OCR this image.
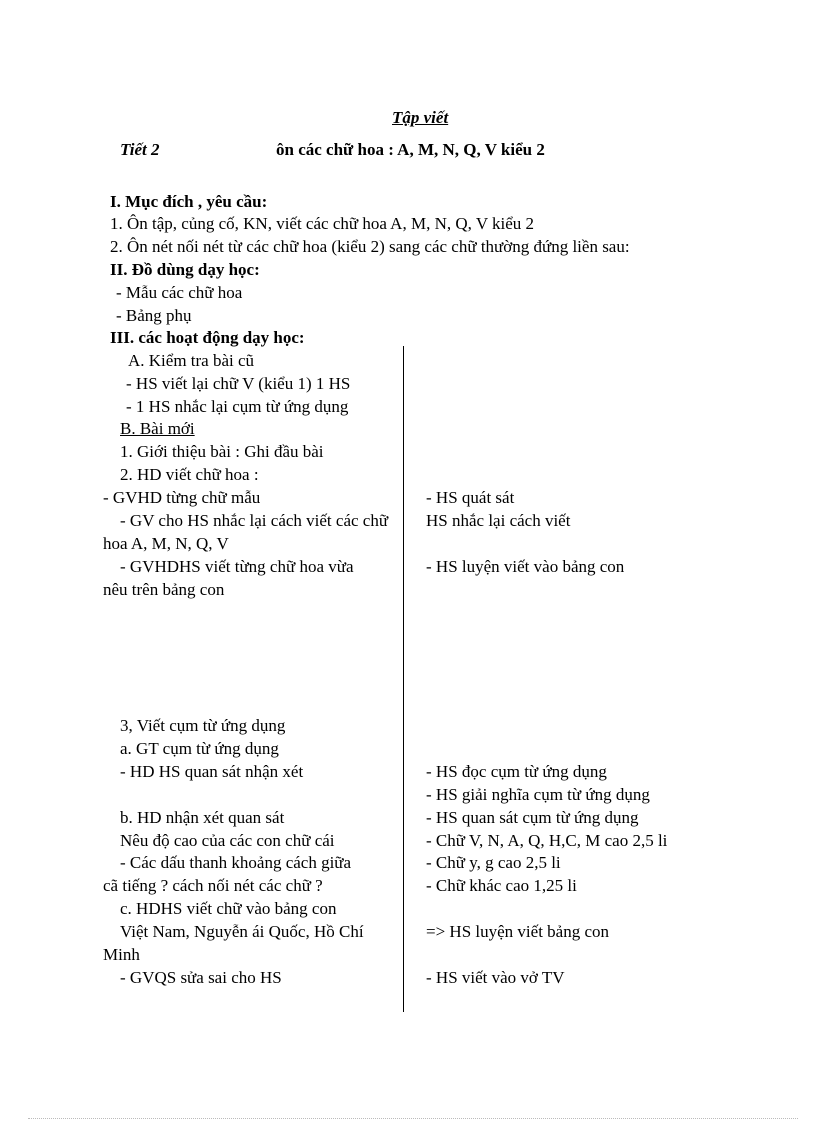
Tập viết
Tiết 2	ôn các chữ hoa : A, M, N, Q, V kiểu 2
I. Mục đích , yêu cầu:
1. Ôn tập, củng cố, KN, viết các chữ hoa A, M, N, Q, V kiểu 2
2. Ôn nét nối nét từ các chữ hoa (kiểu 2) sang các chữ thường đứng liền sau:
II. Đồ dùng dạy học:
- Mẫu các chữ hoa
- Bảng phụ
III. các hoạt động dạy học:
A. Kiểm tra bài cũ
- HS viết lại chữ V (kiểu 1) 1 HS
- 1 HS nhắc lại cụm từ ứng dụng
B. Bài mới
1. Giới thiệu bài : Ghi đầu bài
2. HD viết chữ hoa :
- GVHD từng chữ mẫu
- GV cho HS nhắc lại cách viết các chữ
hoa A, M, N, Q, V
- GVHDHS viết từng chữ hoa vừa
nêu trên bảng con
3, Viết cụm từ ứng dụng
a. GT cụm từ ứng dụng
- HD HS quan sát nhận xét
b. HD nhận xét quan sát
Nêu độ cao của các con chữ cái
- Các dấu thanh khoảng cách giữa
cã tiếng ? cách nối nét các chữ ?
c. HDHS viết chữ vào bảng con
Việt Nam, Nguyễn ái Quốc, Hồ Chí
Minh
- GVQS sửa sai cho HS
- HS quát sát
HS nhắc lại cách viết
- HS luyện viết vào bảng con
- HS đọc cụm từ ứng dụng
- HS giải nghĩa cụm từ ứng dụng
- HS quan sát cụm từ ứng dụng
- Chữ V, N, A, Q, H,C, M cao 2,5 li
- Chữ y, g cao 2,5 li
- Chữ khác cao 1,25 li
=> HS luyện viết bảng con
- HS viết vào vở TV
